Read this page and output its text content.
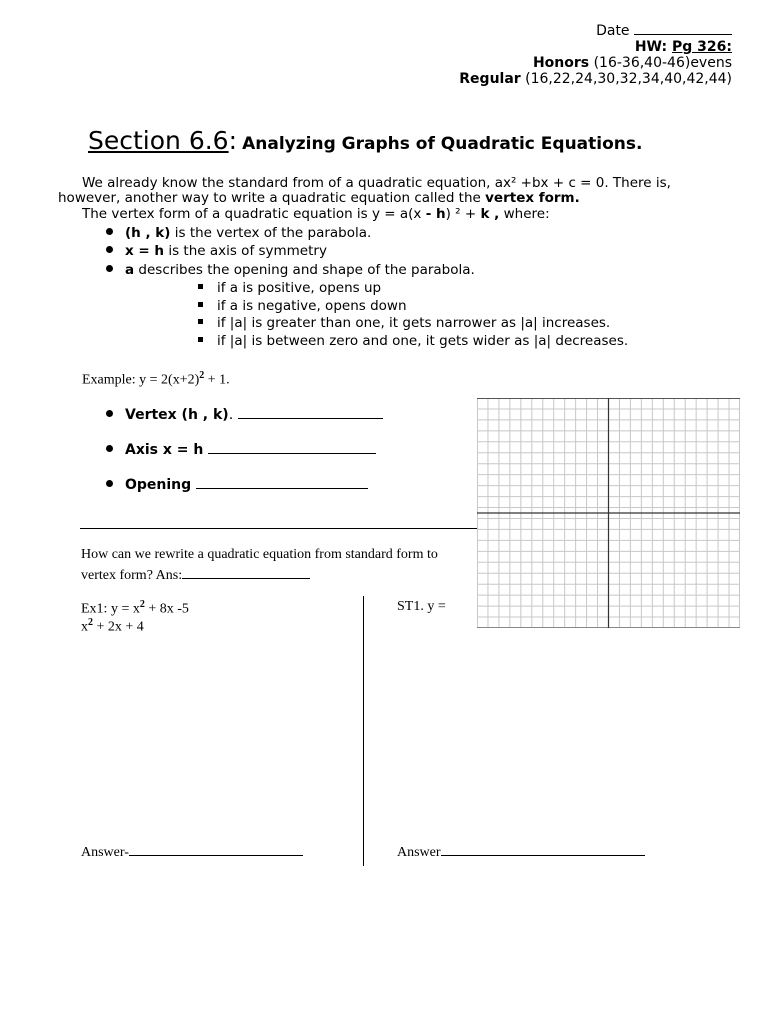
Date
HW: Pg 326:
Honors (16-36,40-46)evens
Regular (16,22,24,30,32,34,40,42,44)
Section 6.6: Analyzing Graphs of Quadratic Equations.
We already know the standard from of a quadratic equation, ax² +bx + c = 0. There is,
however, another way to write a quadratic equation called the vertex form.
The vertex form of a quadratic equation is y = a(x - h) ² + k , where:
(h , k) is the vertex of the parabola.
x = h is the axis of symmetry
a describes the opening and shape of the parabola.
if a is positive, opens up
if a is negative, opens down
if |a| is greater than one, it gets narrower as |a| increases.
if |a| is between zero and one, it gets wider as |a| decreases.
Example: $y = 2(x+2)^2 + 1$.
Vertex (h , k).
Axis x = h
Opening
How can we rewrite a quadratic equation from standard form to
vertex form? Ans:
Ex1: $y = x^2 + 8x$ -5
$x^2 + 2x + 4$
ST1. y =
Answer-	Answer
